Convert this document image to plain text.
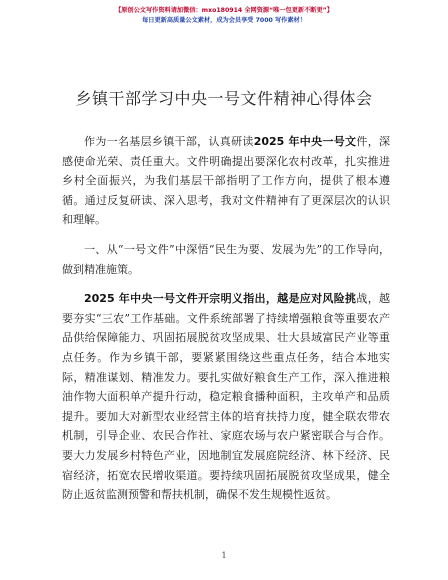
【原创公文写作资料请加微信：mxo180914 全网资源“唯一包更新不断更”】
每日更新高质量公文素材，成为会员享受 7000 写作素材！
乡镇干部学习中央一号文件精神心得体会

作为一名基层乡镇干部，认真研读2025 年中央一号文件，深感使命光荣、责任重大。文件明确提出要深化农村改革，扎实推进乡村全面振兴，为我们基层干部指明了工作方向，提供了根本遵循。通过反复研读、深入思考，我对文件精神有了更深层次的认识和理解。

一、从“一号文件”中深悟“民生为要、发展为先”的工作导向，做到精准施策。

2025 年中央一号文件开宗明义指出，越是应对风险挑战，越要夯实“三农”工作基础。文件系统部署了持续增强粮食等重要农产品供给保障能力、巩固拓展脱贫攻坚成果、壮大县域富民产业等重点任务。作为乡镇干部，要紧紧围绕这些重点任务，结合本地实际，精准谋划、精准发力。要扎实做好粮食生产工作，深入推进粮油作物大面积单产提升行动，稳定粮食播种面积，主攻单产和品质提升。要加大对新型农业经营主体的培育扶持力度，健全联农带农机制，引导企业、农民合作社、家庭农场与农户紧密联合与合作。要大力发展乡村特色产业，因地制宜发展庭院经济、林下经济、民宿经济，拓宽农民增收渠道。要持续巩固拓展脱贫攻坚成果，健全防止返贫监测预警和帮扶机制，确保不发生规模性返贫。

1
